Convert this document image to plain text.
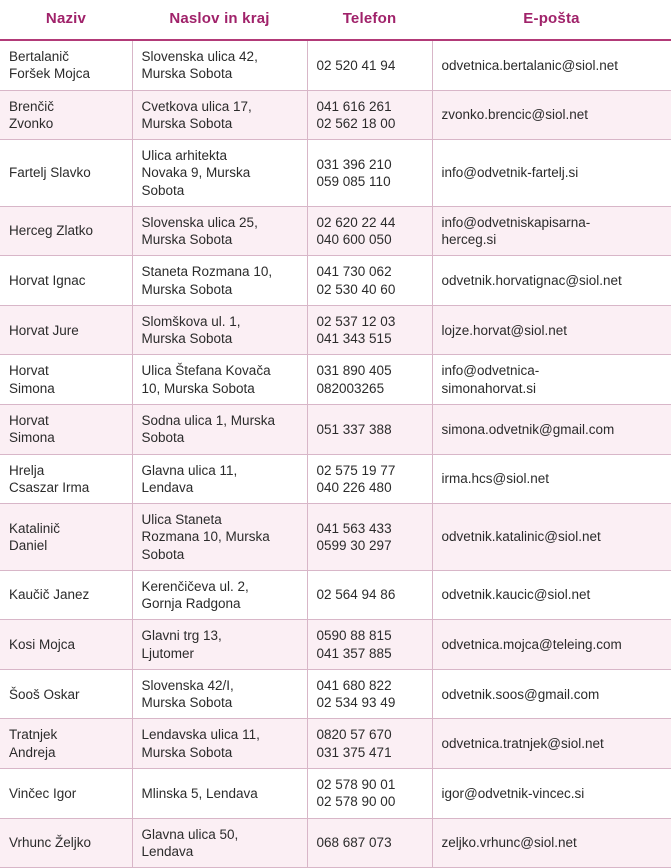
Naziv	Naslov in kraj	Telefon	E-pošta

Bertalanič
Foršek Mojca	Slovenska ulica 42,
Murska Sobota	02 520 41 94	odvetnica.bertalanic@siol.net

Brenčič
Zvonko	Cvetkova ulica 17,
Murska Sobota	041 616 261
02 562 18 00	zvonko.brencic@siol.net

Fartelj Slavko	Ulica arhitekta
Novaka 9, Murska
Sobota	031 396 210
059 085 110	info@odvetnik-fartelj.si

Herceg Zlatko	Slovenska ulica 25,
Murska Sobota	02 620 22 44
040 600 050	info@odvetniskapisarna-
herceg.si

Horvat Ignac	Staneta Rozmana 10,
Murska Sobota	041 730 062
02 530 40 60	odvetnik.horvatignac@siol.net

Horvat Jure	Slomškova ul. 1,
Murska Sobota	02 537 12 03
041 343 515	lojze.horvat@siol.net

Horvat
Simona	Ulica Štefana Kovača
10, Murska Sobota	031 890 405
082003265	info@odvetnica-
simonahorvat.si

Horvat
Simona	Sodna ulica 1, Murska
Sobota	051 337 388	simona.odvetnik@gmail.com

Hrelja
Csaszar Irma	Glavna ulica 11,
Lendava	02 575 19 77
040 226 480	irma.hcs@siol.net

Katalinič
Daniel	Ulica Staneta
Rozmana 10, Murska
Sobota	041 563 433
0599 30 297	odvetnik.katalinic@siol.net

Kaučič Janez	Kerenčičeva ul. 2,
Gornja Radgona	02 564 94 86	odvetnik.kaucic@siol.net

Kosi Mojca	Glavni trg 13,
Ljutomer	0590 88 815
041 357 885	odvetnica.mojca@teleing.com

Šooš Oskar	Slovenska 42/I,
Murska Sobota	041 680 822
02 534 93 49	odvetnik.soos@gmail.com

Tratnjek
Andreja	Lendavska ulica 11,
Murska Sobota	0820 57 670
031 375 471	odvetnica.tratnjek@siol.net

Vinčec Igor	Mlinska 5, Lendava	02 578 90 01
02 578 90 00	igor@odvetnik-vincec.si

Vrhunc Željko	Glavna ulica 50,
Lendava	068 687 073	zeljko.vrhunc@siol.net
